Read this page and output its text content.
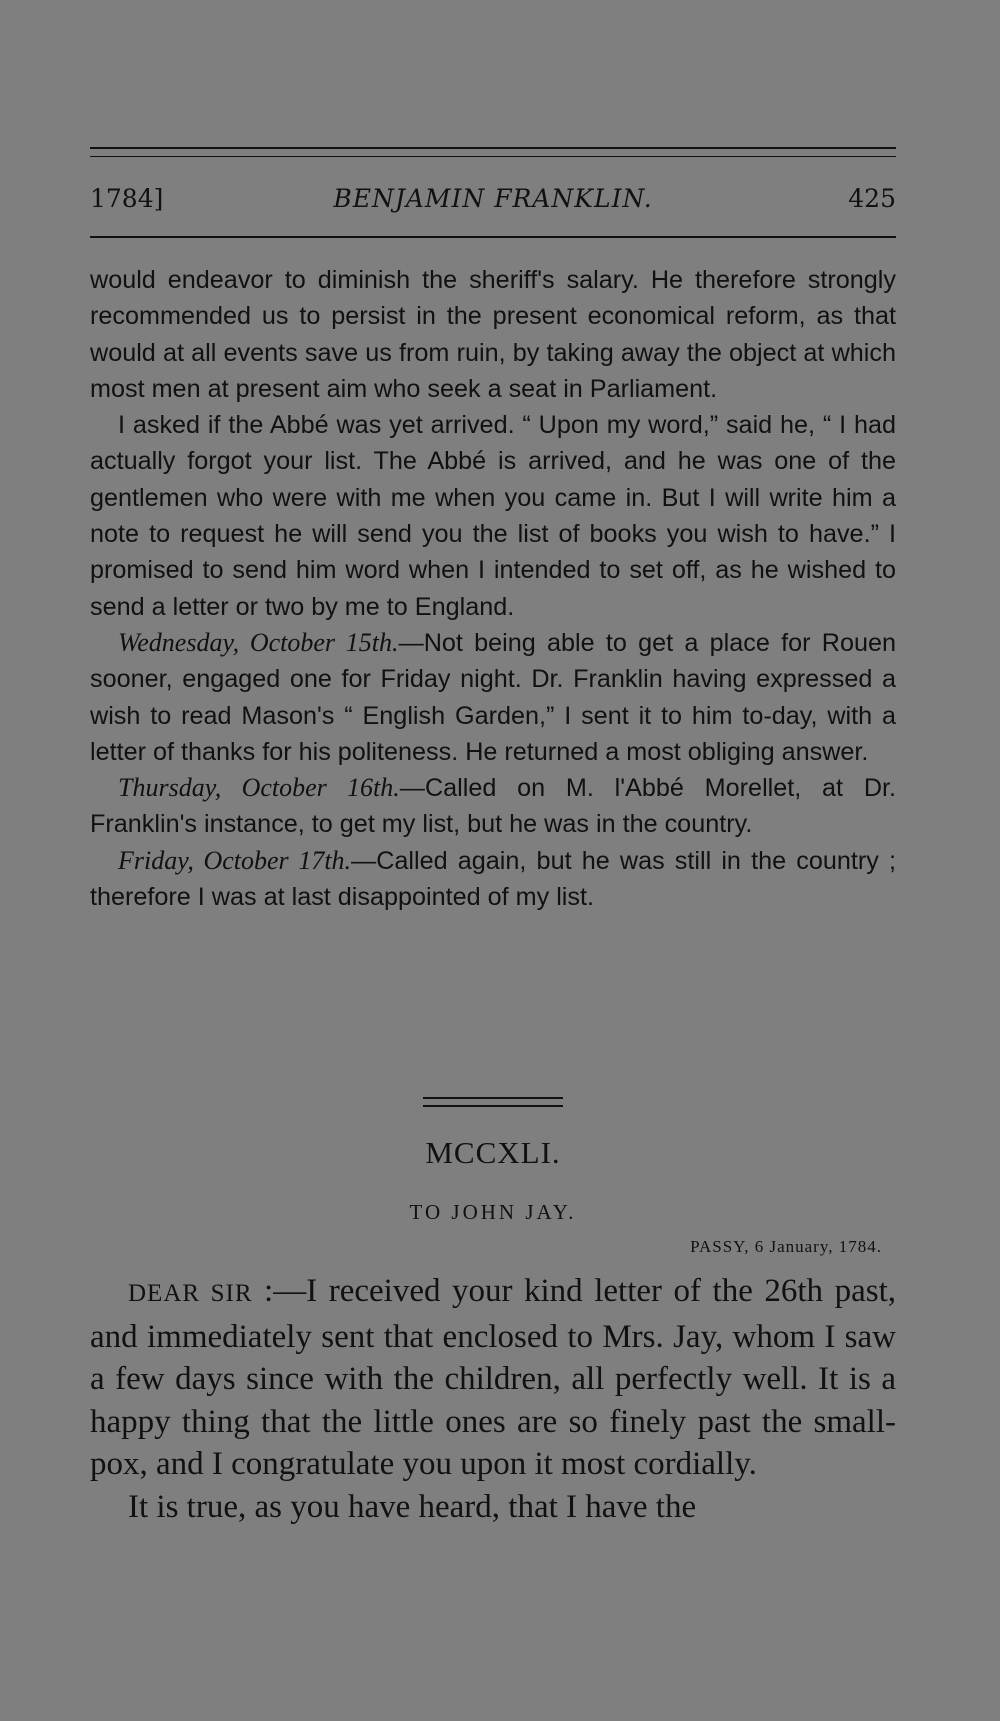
1784]	BENJAMIN FRANKLIN.	425

would endeavor to diminish the sheriff's salary. He therefore strongly recommended us to persist in the present economical reform, as that would at all events save us from ruin, by taking away the object at which most men at present aim who seek a seat in Parliament.

I asked if the Abbé was yet arrived. “ Upon my word,” said he, “ I had actually forgot your list. The Abbé is arrived, and he was one of the gentlemen who were with me when you came in. But I will write him a note to request he will send you the list of books you wish to have.” I promised to send him word when I intended to set off, as he wished to send a letter or two by me to England.

Wednesday, October 15th.—Not being able to get a place for Rouen sooner, engaged one for Friday night. Dr. Franklin having expressed a wish to read Mason's “ English Garden,” I sent it to him to-day, with a letter of thanks for his politeness. He returned a most obliging answer.

Thursday, October 16th.—Called on M. l'Abbé Morellet, at Dr. Franklin's instance, to get my list, but he was in the country.

Friday, October 17th.—Called again, but he was still in the country ; therefore I was at last disappointed of my list.

MCCXLI.
TO JOHN JAY.
PASSY, 6 January, 1784.

DEAR SIR :—I received your kind letter of the 26th past, and immediately sent that enclosed to Mrs. Jay, whom I saw a few days since with the children, all perfectly well. It is a happy thing that the little ones are so finely past the small-pox, and I congratulate you upon it most cordially.

It is true, as you have heard, that I have the
